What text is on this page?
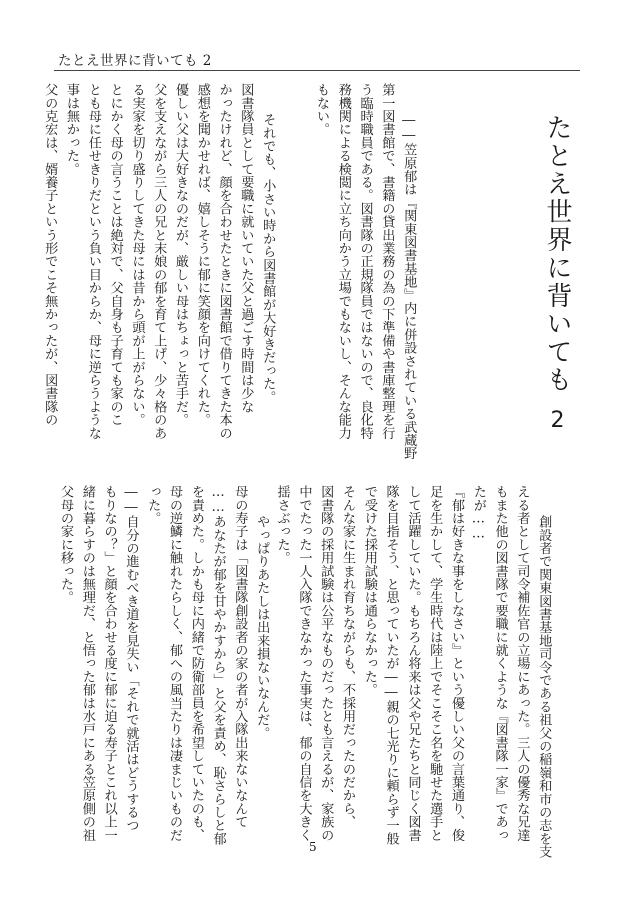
たとえ世界に背いても 2
たとえ世界に背いても2

――笠原郁は『関東図書基地』内に併設されている武蔵野
第一図書館で、書籍の貸出業務の為の下準備や書庫整理を行
う臨時職員である。図書隊の正規隊員ではないので、良化特
務機関による検閲に立ち向かう立場でもないし、そんな能力
もない。

それでも、小さい時から図書館が大好きだった。
図書隊員として要職に就いていた父と過ごす時間は少な
かったけれど、顔を合わせたときに図書館で借りてきた本の
感想を聞かせれば、嬉しそうに郁に笑顔を向けてくれた。
優しい父は大好きなのだが、厳しい母はちょっと苦手だ。
父を支えながら三人の兄と末娘の郁を育て上げ、少々格のあ
る実家を切り盛りしてきた母には昔から頭が上がらない。
とにかく母の言うことは絶対で、父自身も子育ても家のこ
とも母に任せきりだという負い目からか、母に逆らうような
事は無かった。
父の克宏は、婿養子という形でこそ無かったが、図書隊の

創設者で関東図書基地司令である祖父の稲嶺和市の志を支
える者として司令補佐官の立場にあった。三人の優秀な兄達
もまた他の図書隊で要職に就くような『図書隊一家』であっ
たが……
『郁は好きな事をしなさい』という優しい父の言葉通り、俊
足を生かして、学生時代は陸上でそこそこ名を馳せた選手と
して活躍していた。もちろん将来は父や兄たちと同じく図書
隊を目指そう、と思っていたが――親の七光りに頼らず一般
で受けた採用試験は通らなかった。
そんな家に生まれ育ちながらも、不採用だったのだから、
図書隊の採用試験は公平なものだったとも言えるが、家族の
中でたった一人入隊できなかった事実は、郁の自信を大きく
揺さぶった。

やっぱりあたしは出来損ないなんだ。
母の寿子は「図書隊創設者の家の者が入隊出来ないなんて
……あなたが郁を甘やかすから」と父を責め、恥さらしと郁
を責めた。しかも母に内緒で防衛部員を希望していたのも、
母の逆鱗に触れたらしく、郁への風当たりは凄まじいものだ
った。
――自分の進むべき道を見失い「それで就活はどうするつ
もりなの？」と顔を合わせる度に郁に迫る寿子とこれ以上一
緒に暮らすのは無理だ、と悟った郁は水戸にある笠原側の祖
父母の家に移った。

5
